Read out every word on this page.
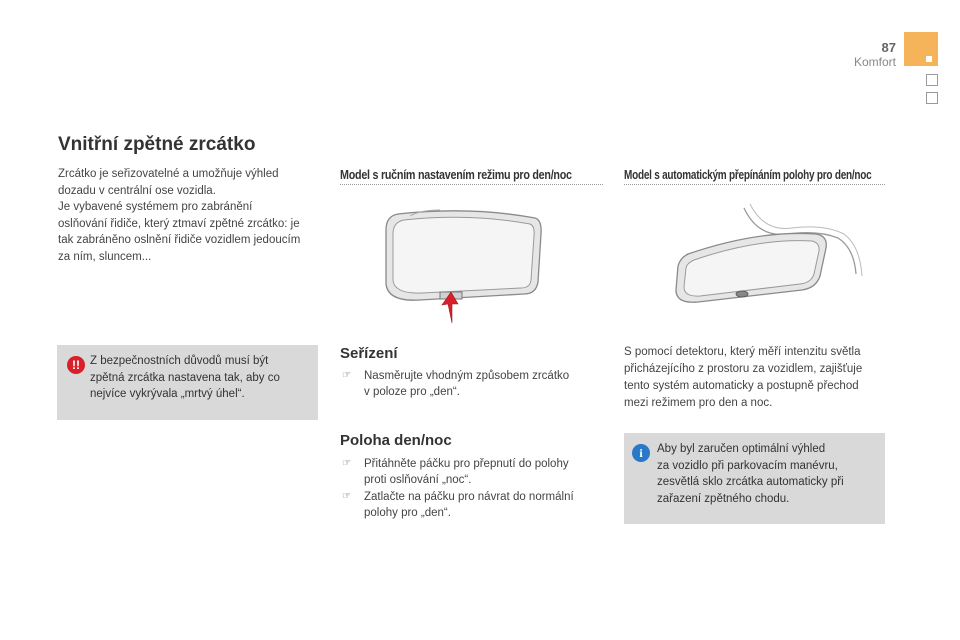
87
Komfort
Vnitřní zpětné zrcátko
Zrcátko je seřizovatelné a umožňuje výhled
dozadu v centrální ose vozidla.
Je vybavené systémem pro zabránění
oslňování řidiče, který ztmaví zpětné zrcátko: je
tak zabráněno oslnění řidiče vozidlem jedoucím
za ním, sluncem...
!! Z bezpečnostních důvodů musí být
zpětná zrcátka nastavena tak, aby co
nejvíce vykrývala „mrtvý úhel“.
Model s ručním nastavením režimu pro den/noc
Seřízení
☞ Nasměrujte vhodným způsobem zrcátko
v poloze pro „den“.
Poloha den/noc
☞ Přitáhněte páčku pro přepnutí do polohy
proti oslňování „noc“.
☞ Zatlačte na páčku pro návrat do normální
polohy pro „den“.
Model s automatickým přepínáním polohy pro den/noc
S pomocí detektoru, který měří intenzitu světla
přicházejícího z prostoru za vozidlem, zajišťuje
tento systém automaticky a postupně přechod
mezi režimem pro den a noc.
i	Aby byl zaručen optimální výhled
za vozidlo při parkovacím manévru,
zesvětlá sklo zrcátka automaticky při
zařazení zpětného chodu.
